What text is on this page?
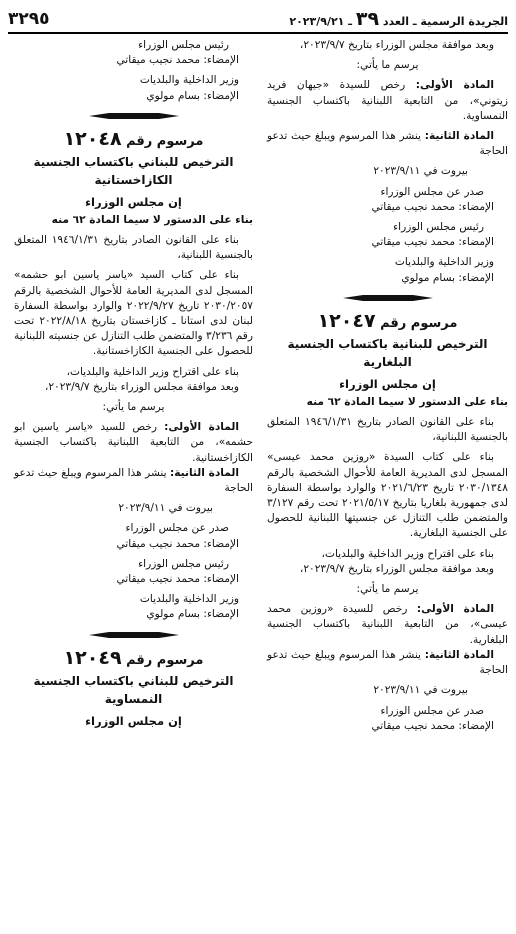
الجريدة الرسمية ـ العدد ٣٩ ـ ٢٠٢٣/٩/٢١
٣٢٩٥

وبعد موافقة مجلس الوزراء بتاريخ ٢٠٢٣/٩/٧،

يرسم ما يأتي:

المادة الأولى: رخص للسيدة «جيهان فريد زيتوني»، من التابعية اللبنانية باكتساب الجنسية النمساوية.

المادة الثانية: ينشر هذا المرسوم ويبلغ حيث تدعو الحاجة

بيروت في ٢٠٢٣/٩/١١

صدر عن مجلس الوزراء

الإمضاء: محمد نجيب ميقاتي

رئيس مجلس الوزراء

الإمضاء: محمد نجيب ميقاتي

وزير الداخلية والبلديات

الإمضاء: بسام مولوي

مرسوم رقم ١٢٠٤٧
الترخيص للبنانية باكتساب الجنسية البلغارية
إن مجلس الوزراء

بناء على الدستور لا سيما المادة ٦٢ منه

بناء على القانون الصادر بتاريخ ١٩٤٦/١/٣١ المتعلق بالجنسية اللبنانية،

بناء على كتاب السيدة «روزين محمد عيسى» المسجل لدى المديرية العامة للأحوال الشخصية بالرقم ٢٠٣٠/١٣٤٨ تاريخ ٢٠٢١/٦/٢٣ والوارد بواسطة السفارة لدى جمهورية بلغاريا بتاريخ ٢٠٢١/٥/١٧ تحت رقم ٣/١٢٧ والمتضمن طلب التنازل عن جنسيتها اللبنانية للحصول على الجنسية البلغارية.

بناء على اقتراح وزير الداخلية والبلديات،

وبعد موافقة مجلس الوزراء بتاريخ ٢٠٢٣/٩/٧،

يرسم ما يأتي:

المادة الأولى: رخص للسيدة «روزين محمد عيسى»، من التابعية اللبنانية باكتساب الجنسية البلغارية.

المادة الثانية: ينشر هذا المرسوم ويبلغ حيث تدعو الحاجة

بيروت في ٢٠٢٣/٩/١١

صدر عن مجلس الوزراء

الإمضاء: محمد نجيب ميقاتي

رئيس مجلس الوزراء

الإمضاء: محمد نجيب ميقاتي

وزير الداخلية والبلديات

الإمضاء: بسام مولوي

مرسوم رقم ١٢٠٤٨
الترخيص للبناني باكتساب الجنسية الكازاخستانية
إن مجلس الوزراء

بناء على الدستور لا سيما المادة ٦٢ منه

بناء على القانون الصادر بتاريخ ١٩٤٦/١/٣١ المتعلق بالجنسية اللبنانية،

بناء على كتاب السيد «ياسر ياسين ابو حشمه» المسجل لدى المديرية العامة للأحوال الشخصية بالرقم ٢٠٣٠/٢٠٥٧ تاريخ ٢٠٢٢/٩/٢٧ والوارد بواسطة السفارة لبنان لدى استانا ـ كازاخستان بتاريخ ٢٠٢٢/٨/١٨ تحت رقم ٣/٢٣٦ والمتضمن طلب التنازل عن جنسيته اللبنانية للحصول على الجنسية الكازاخستانية.

بناء على اقتراح وزير الداخلية والبلديات،

وبعد موافقة مجلس الوزراء بتاريخ ٢٠٢٣/٩/٧،

يرسم ما يأتي:

المادة الأولى: رخص للسيد «ياسر ياسين ابو حشمه»، من التابعية اللبنانية باكتساب الجنسية الكازاخستانية.

المادة الثانية: ينشر هذا المرسوم ويبلغ حيث تدعو الحاجة

بيروت في ٢٠٢٣/٩/١١

صدر عن مجلس الوزراء

الإمضاء: محمد نجيب ميقاتي

رئيس مجلس الوزراء

الإمضاء: محمد نجيب ميقاتي

وزير الداخلية والبلديات

الإمضاء: بسام مولوي

مرسوم رقم ١٢٠٤٩
الترخيص للبناني باكتساب الجنسية النمساوية
إن مجلس الوزراء
